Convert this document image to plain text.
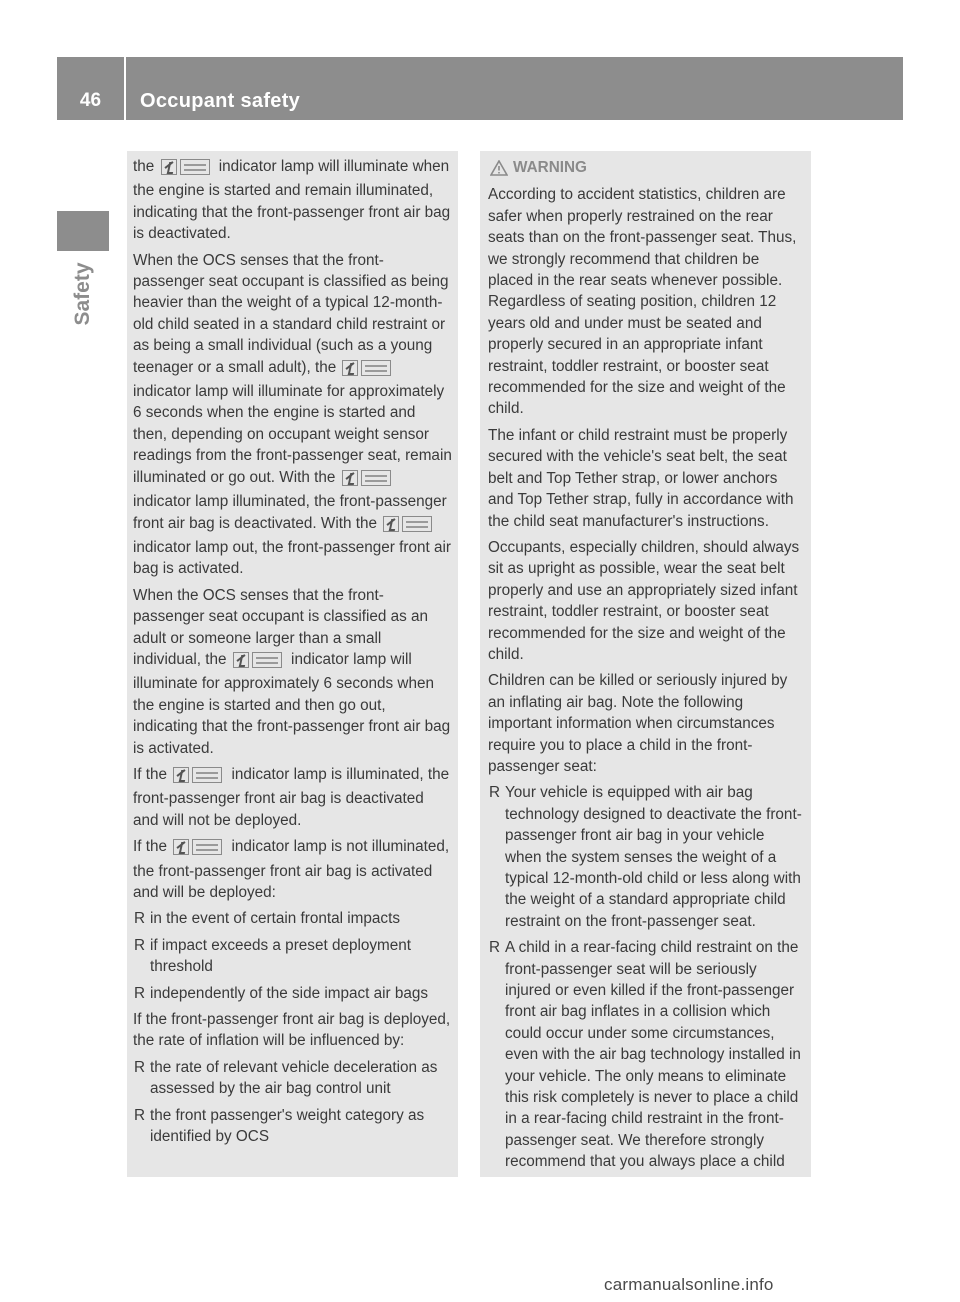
46	Occupant safety
Safety

the	indicator lamp will illuminate when the engine is started and remain illuminated, indicating that the front-passenger front air bag is deactivated.

When the OCS senses that the front-passenger seat occupant is classified as being heavier than the weight of a typical 12-month-old child seated in a standard child restraint or as being a small individual (such as a young teenager or a small adult), the  indicator lamp will illuminate for approximately 6 seconds when the engine is started and then, depending on occupant weight sensor readings from the front-passenger seat, remain illuminated or go out. With the  indicator lamp illuminated, the front-passenger front air bag is deactivated. With the  indicator lamp out, the front-passenger front air bag is activated.

When the OCS senses that the front-passenger seat occupant is classified as an adult or someone larger than a small individual, the	indicator lamp will illuminate for approximately 6 seconds when the engine is started and then go out, indicating that the front-passenger front air bag is activated.

If the	indicator lamp is illuminated, the front-passenger front air bag is deactivated and will not be deployed.

If the	indicator lamp is not illuminated, the front-passenger front air bag is activated and will be deployed:

R in the event of certain frontal impacts
R if impact exceeds a preset deployment threshold
R independently of the side impact air bags

If the front-passenger front air bag is deployed, the rate of inflation will be influenced by:

R the rate of relevant vehicle deceleration as assessed by the air bag control unit
R the front passenger's weight category as identified by OCS
WARNING

According to accident statistics, children are safer when properly restrained on the rear seats than on the front-passenger seat. Thus, we strongly recommend that children be placed in the rear seats whenever possible. Regardless of seating position, children 12 years old and under must be seated and properly secured in an appropriate infant restraint, toddler restraint, or booster seat recommended for the size and weight of the child.

The infant or child restraint must be properly secured with the vehicle's seat belt, the seat belt and Top Tether strap, or lower anchors and Top Tether strap, fully in accordance with the child seat manufacturer's instructions.

Occupants, especially children, should always sit as upright as possible, wear the seat belt properly and use an appropriately sized infant restraint, toddler restraint, or booster seat recommended for the size and weight of the child.

Children can be killed or seriously injured by an inflating air bag. Note the following important information when circumstances require you to place a child in the front-passenger seat:

R Your vehicle is equipped with air bag technology designed to deactivate the front-passenger front air bag in your vehicle when the system senses the weight of a typical 12-month-old child or less along with the weight of a standard appropriate child restraint on the front-passenger seat.
R A child in a rear-facing child restraint on the front-passenger seat will be seriously injured or even killed if the front-passenger front air bag inflates in a collision which could occur under some circumstances, even with the air bag technology installed in your vehicle. The only means to eliminate this risk completely is never to place a child in a rear-facing child restraint in the front-passenger seat. We therefore strongly recommend that you always place a child
carmanualsonline.info
